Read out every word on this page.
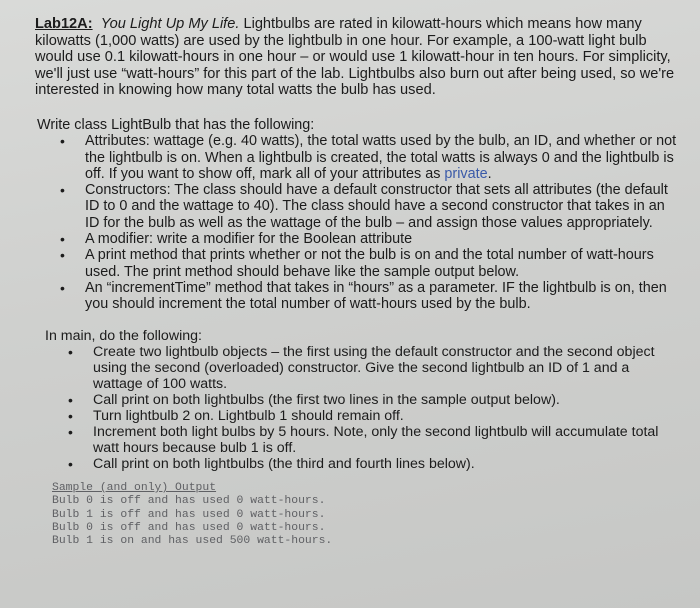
Lab12A: You Light Up My Life. Lightbulbs are rated in kilowatt-hours which means how many kilowatts (1,000 watts) are used by the lightbulb in one hour. For example, a 100-watt light bulb would use 0.1 kilowatt-hours in one hour – or would use 1 kilowatt-hour in ten hours. For simplicity, we'll just use “watt-hours” for this part of the lab. Lightbulbs also burn out after being used, so we're interested in knowing how many total watts the bulb has used.

Write class LightBulb that has the following:

• Attributes: wattage (e.g. 40 watts), the total watts used by the bulb, an ID, and whether or not the lightbulb is on. When a lightbulb is created, the total watts is always 0 and the lightbulb is off. If you want to show off, mark all of your attributes as private.
• Constructors: The class should have a default constructor that sets all attributes (the default ID to 0 and the wattage to 40). The class should have a second constructor that takes in an ID for the bulb as well as the wattage of the bulb – and assign those values appropriately.
• A modifier: write a modifier for the Boolean attribute
• A print method that prints whether or not the bulb is on and the total number of watt-hours used. The print method should behave like the sample output below.
• An “incrementTime” method that takes in “hours” as a parameter. IF the lightbulb is on, then you should increment the total number of watt-hours used by the bulb.

In main, do the following:

• Create two lightbulb objects – the first using the default constructor and the second object using the second (overloaded) constructor. Give the second lightbulb an ID of 1 and a wattage of 100 watts.
• Call print on both lightbulbs (the first two lines in the sample output below).
• Turn lightbulb 2 on. Lightbulb 1 should remain off.
• Increment both light bulbs by 5 hours. Note, only the second lightbulb will accumulate total watt hours because bulb 1 is off.
• Call print on both lightbulbs (the third and fourth lines below).
Sample (and only) Output
Bulb 0 is off and has used 0 watt-hours.
Bulb 1 is off and has used 0 watt-hours.
Bulb 0 is off and has used 0 watt-hours.
Bulb 1 is on and has used 500 watt-hours.
